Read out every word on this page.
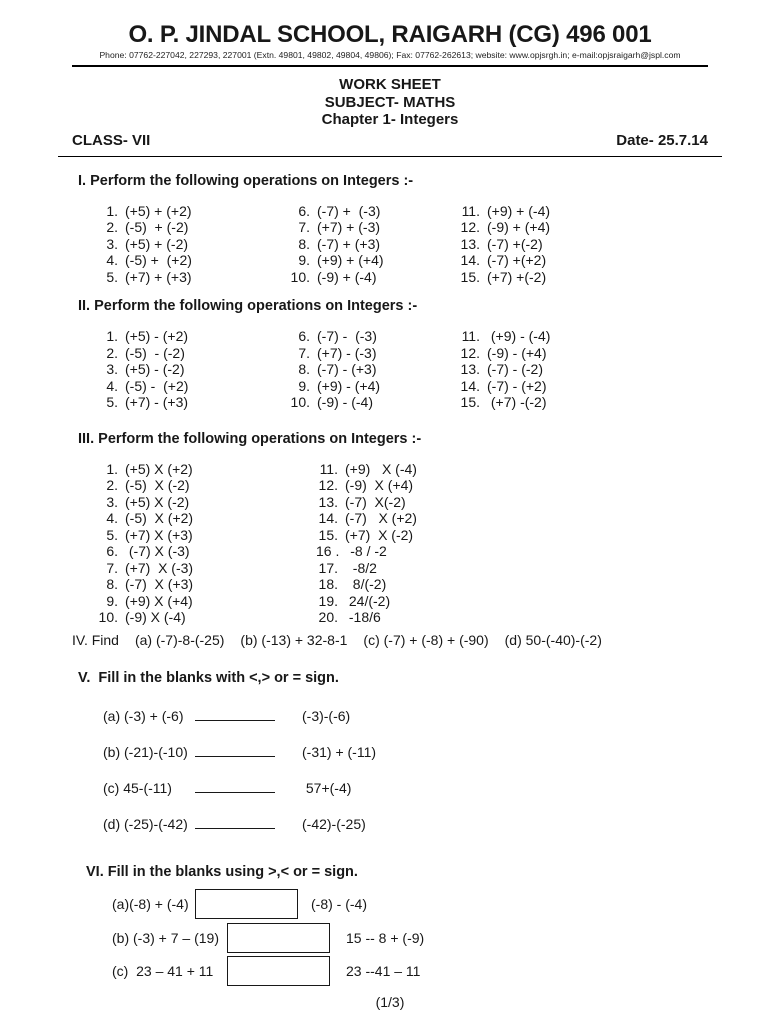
O. P. JINDAL SCHOOL, RAIGARH (CG) 496 001
Phone: 07762-227042, 227293, 227001 (Extn. 49801, 49802, 49804, 49806); Fax: 07762-262613; website: www.opjsrgh.in; e-mail:opjsraigarh@jspl.com
WORK SHEET
SUBJECT- MATHS
Chapter 1- Integers
CLASS- VII	Date- 25.7.14
I. Perform the following operations on Integers :-
1. (+5) + (+2)
2. (-5)  + (-2)
3. (+5) + (-2)
4. (-5) +  (+2)
5. (+7) + (+3)
6. (-7) +  (-3)
7. (+7) + (-3)
8. (-7) + (+3)
9. (+9) + (+4)
10. (-9) + (-4)
11. (+9) + (-4)
12. (-9) + (+4)
13. (-7) +(-2)
14. (-7) +(+2)
15. (+7) +(-2)
II. Perform the following operations on Integers :-
1. (+5) - (+2)
2. (-5)  - (-2)
3. (+5) - (-2)
4. (-5) -  (+2)
5. (+7) - (+3)
6. (-7) -  (-3)
7. (+7) - (-3)
8. (-7) - (+3)
9. (+9) - (+4)
10. (-9) - (-4)
11. (+9) - (-4)
12. (-9) - (+4)
13. (-7) - (-2)
14. (-7) - (+2)
15. (+7) -(-2)
III. Perform the following operations on Integers :-
1. (+5) X (+2)
2. (-5)  X (-2)
3. (+5) X (-2)
4. (-5)  X (+2)
5. (+7) X (+3)
6. (-7) X (-3)
7. (+7)  X (-3)
8. (-7)  X (+3)
9. (+9) X (+4)
10. (-9) X (-4)
11. (+9)   X (-4)
12. (-9)  X (+4)
13. (-7)  X(-2)
14. (-7)   X (+2)
15. (+7)  X (-2)
16 . -8 / -2
17. -8/2
18. 8/(-2)
19. 24/(-2)
20. -18/6
IV. Find (a) (-7)-8-(-25) (b) (-13) + 32-8-1 (c) (-7) + (-8) + (-90) (d) 50-(-40)-(-2)
V.  Fill in the blanks with <,> or = sign.
(a) (-3) + (-6)	(-3)-(-6)
(b) (-21)-(-10)	(-31) + (-11)
(c) 45-(-11)	57+(-4)
(d) (-25)-(-42)	(-42)-(-25)
VI. Fill in the blanks using >,< or = sign.
(a)(-8) + (-4)	(-8) - (-4)
(b) (-3) + 7 – (19)	15 -- 8 + (-9)
(c)  23 – 41 + 11	23 --41 – 11
(1/3)
